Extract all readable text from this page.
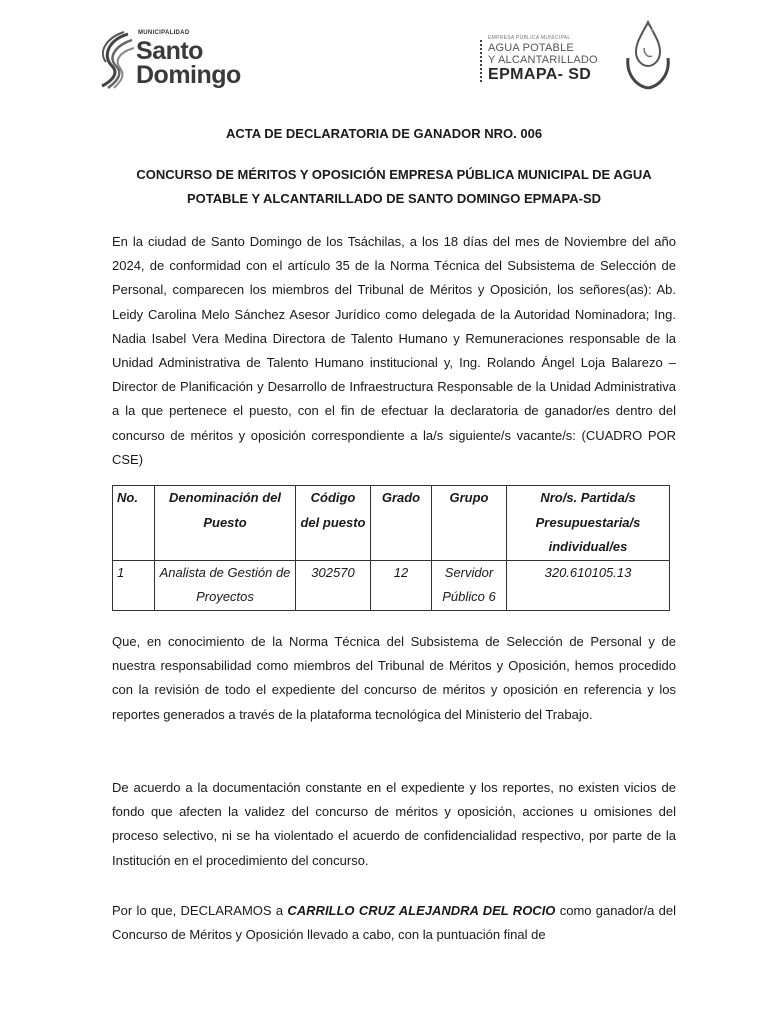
MUNICIPALIDAD
Santo
Domingo
EMPRESA PÚBLICA MUNICIPAL
AGUA POTABLE
Y ALCANTARILLADO
EPMAPA- SD
ACTA DE DECLARATORIA DE GANADOR NRO. 006
CONCURSO DE MÉRITOS Y OPOSICIÓN EMPRESA PÚBLICA MUNICIPAL DE AGUA
POTABLE Y ALCANTARILLADO DE SANTO DOMINGO EPMAPA-SD
En la ciudad de Santo Domingo de los Tsáchilas, a los 18 días del mes de Noviembre del año 2024, de conformidad con el artículo 35 de la Norma Técnica del Subsistema de Selección de Personal, comparecen los miembros del Tribunal de Méritos y Oposición, los señores(as): Ab. Leidy Carolina Melo Sánchez Asesor Jurídico como delegada de la Autoridad Nominadora; Ing. Nadia Isabel Vera Medina Directora de Talento Humano y Remuneraciones responsable de la Unidad Administrativa de Talento Humano institucional y, Ing. Rolando Ángel Loja Balarezo – Director de Planificación y Desarrollo de Infraestructura Responsable de la Unidad Administrativa a la que pertenece el puesto, con el fin de efectuar la declaratoria de ganador/es dentro del concurso de méritos y oposición correspondiente a la/s siguiente/s vacante/s: (CUADRO POR CSE)
No.	Denominación del Puesto	Código del puesto	Grado	Grupo	Nro/s. Partida/s Presupuestaria/s individual/es
1	Analista de Gestión de Proyectos	302570	12	Servidor Público 6	320.610105.13
Que, en conocimiento de la Norma Técnica del Subsistema de Selección de Personal y de nuestra responsabilidad como miembros del Tribunal de Méritos y Oposición, hemos procedido con la revisión de todo el expediente del concurso de méritos y oposición en referencia y los reportes generados a través de la plataforma tecnológica del Ministerio del Trabajo.
De acuerdo a la documentación constante en el expediente y los reportes, no existen vicios de fondo que afecten la validez del concurso de méritos y oposición, acciones u omisiones del proceso selectivo, ni se ha violentado el acuerdo de confidencialidad respectivo, por parte de la Institución en el procedimiento del concurso.
Por lo que, DECLARAMOS a CARRILLO CRUZ ALEJANDRA DEL ROCIO como ganador/a del Concurso de Méritos y Oposición llevado a cabo, con la puntuación final de
